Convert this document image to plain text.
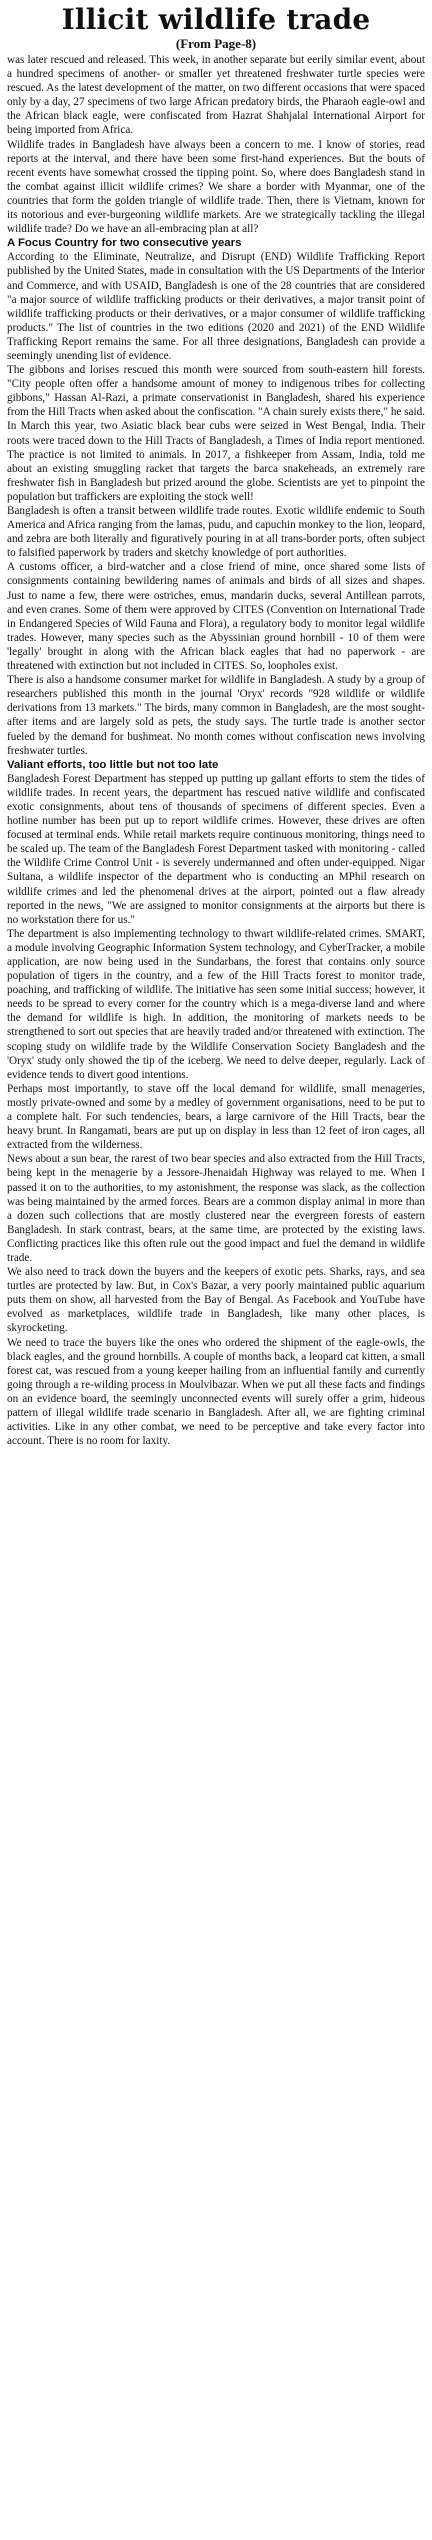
Illicit wildlife trade
(From Page-8)

was later rescued and released. This week, in another separate but eerily similar event, about a hundred specimens of another- or smaller yet threatened freshwater turtle species were rescued. As the latest development of the matter, on two different occasions that were spaced only by a day, 27 specimens of two large African predatory birds, the Pharaoh eagle-owl and the African black eagle, were confiscated from Hazrat Shahjalal International Airport for being imported from Africa.

Wildlife trades in Bangladesh have always been a concern to me. I know of stories, read reports at the interval, and there have been some first-hand experiences. But the bouts of recent events have somewhat crossed the tipping point. So, where does Bangladesh stand in the combat against illicit wildlife crimes? We share a border with Myanmar, one of the countries that form the golden triangle of wildlife trade. Then, there is Vietnam, known for its notorious and ever-burgeoning wildlife markets. Are we strategically tackling the illegal wildlife trade? Do we have an all-embracing plan at all?

A Focus Country for two consecutive years

According to the Eliminate, Neutralize, and Disrupt (END) Wildlife Trafficking Report published by the United States, made in consultation with the US Departments of the Interior and Commerce, and with USAID, Bangladesh is one of the 28 countries that are considered "a major source of wildlife trafficking products or their derivatives, a major transit point of wildlife trafficking products or their derivatives, or a major consumer of wildlife trafficking products." The list of countries in the two editions (2020 and 2021) of the END Wildlife Trafficking Report remains the same. For all three designations, Bangladesh can provide a seemingly unending list of evidence.

The gibbons and lorises rescued this month were sourced from south-eastern hill forests. "City people often offer a handsome amount of money to indigenous tribes for collecting gibbons," Hassan Al-Razi, a primate conservationist in Bangladesh, shared his experience from the Hill Tracts when asked about the confiscation. "A chain surely exists there," he said.

In March this year, two Asiatic black bear cubs were seized in West Bengal, India. Their roots were traced down to the Hill Tracts of Bangladesh, a Times of India report mentioned. The practice is not limited to animals. In 2017, a fishkeeper from Assam, India, told me about an existing smuggling racket that targets the barca snakeheads, an extremely rare freshwater fish in Bangladesh but prized around the globe. Scientists are yet to pinpoint the population but traffickers are exploiting the stock well!

Bangladesh is often a transit between wildlife trade routes. Exotic wildlife endemic to South America and Africa ranging from the lamas, pudu, and capuchin monkey to the lion, leopard, and zebra are both literally and figuratively pouring in at all trans-border ports, often subject to falsified paperwork by traders and sketchy knowledge of port authorities.

A customs officer, a bird-watcher and a close friend of mine, once shared some lists of consignments containing bewildering names of animals and birds of all sizes and shapes. Just to name a few, there were ostriches, emus, mandarin ducks, several Antillean parrots, and even cranes. Some of them were approved by CITES (Convention on International Trade in Endangered Species of Wild Fauna and Flora), a regulatory body to monitor legal wildlife trades. However, many species such as the Abyssinian ground hornbill - 10 of them were 'legally' brought in along with the African black eagles that had no paperwork - are threatened with extinction but not included in CITES. So, loopholes exist.

There is also a handsome consumer market for wildlife in Bangladesh. A study by a group of researchers published this month in the journal 'Oryx' records "928 wildlife or wildlife derivations from 13 markets." The birds, many common in Bangladesh, are the most sought-after items and are largely sold as pets, the study says. The turtle trade is another sector fueled by the demand for bushmeat. No month comes without confiscation news involving freshwater turtles.

Valiant efforts, too little but not too late

Bangladesh Forest Department has stepped up putting up gallant efforts to stem the tides of wildlife trades. In recent years, the department has rescued native wildlife and confiscated exotic consignments, about tens of thousands of specimens of different species. Even a hotline number has been put up to report wildlife crimes. However, these drives are often focused at terminal ends. While retail markets require continuous monitoring, things need to be scaled up. The team of the Bangladesh Forest Department tasked with monitoring - called the Wildlife Crime Control Unit - is severely undermanned and often under-equipped. Nigar Sultana, a wildlife inspector of the department who is conducting an MPhil research on wildlife crimes and led the phenomenal drives at the airport, pointed out a flaw already reported in the news, "We are assigned to monitor consignments at the airports but there is no workstation there for us."

The department is also implementing technology to thwart wildlife-related crimes. SMART, a module involving Geographic Information System technology, and CyberTracker, a mobile application, are now being used in the Sundarbans, the forest that contains only source population of tigers in the country, and a few of the Hill Tracts forest to monitor trade, poaching, and trafficking of wildlife. The initiative has seen some initial success; however, it needs to be spread to every corner for the country which is a mega-diverse land and where the demand for wildlife is high. In addition, the monitoring of markets needs to be strengthened to sort out species that are heavily traded and/or threatened with extinction. The scoping study on wildlife trade by the Wildlife Conservation Society Bangladesh and the 'Oryx' study only showed the tip of the iceberg. We need to delve deeper, regularly. Lack of evidence tends to divert good intentions.

Perhaps most importantly, to stave off the local demand for wildlife, small menageries, mostly private-owned and some by a medley of government organisations, need to be put to a complete halt. For such tendencies, bears, a large carnivore of the Hill Tracts, bear the heavy brunt. In Rangamati, bears are put up on display in less than 12 feet of iron cages, all extracted from the wilderness.

News about a sun bear, the rarest of two bear species and also extracted from the Hill Tracts, being kept in the menagerie by a Jessore-Jhenaidah Highway was relayed to me. When I passed it on to the authorities, to my astonishment, the response was slack, as the collection was being maintained by the armed forces. Bears are a common display animal in more than a dozen such collections that are mostly clustered near the evergreen forests of eastern Bangladesh. In stark contrast, bears, at the same time, are protected by the existing laws. Conflicting practices like this often rule out the good impact and fuel the demand in wildlife trade.

We also need to track down the buyers and the keepers of exotic pets. Sharks, rays, and sea turtles are protected by law. But, in Cox's Bazar, a very poorly maintained public aquarium puts them on show, all harvested from the Bay of Bengal. As Facebook and YouTube have evolved as marketplaces, wildlife trade in Bangladesh, like many other places, is skyrocketing.

We need to trace the buyers like the ones who ordered the shipment of the eagle-owls, the black eagles, and the ground hornbills. A couple of months back, a leopard cat kitten, a small forest cat, was rescued from a young keeper hailing from an influential family and currently going through a re-wilding process in Moulvibazar. When we put all these facts and findings on an evidence board, the seemingly unconnected events will surely offer a grim, hideous pattern of illegal wildlife trade scenario in Bangladesh. After all, we are fighting criminal activities. Like in any other combat, we need to be perceptive and take every factor into account. There is no room for laxity.
